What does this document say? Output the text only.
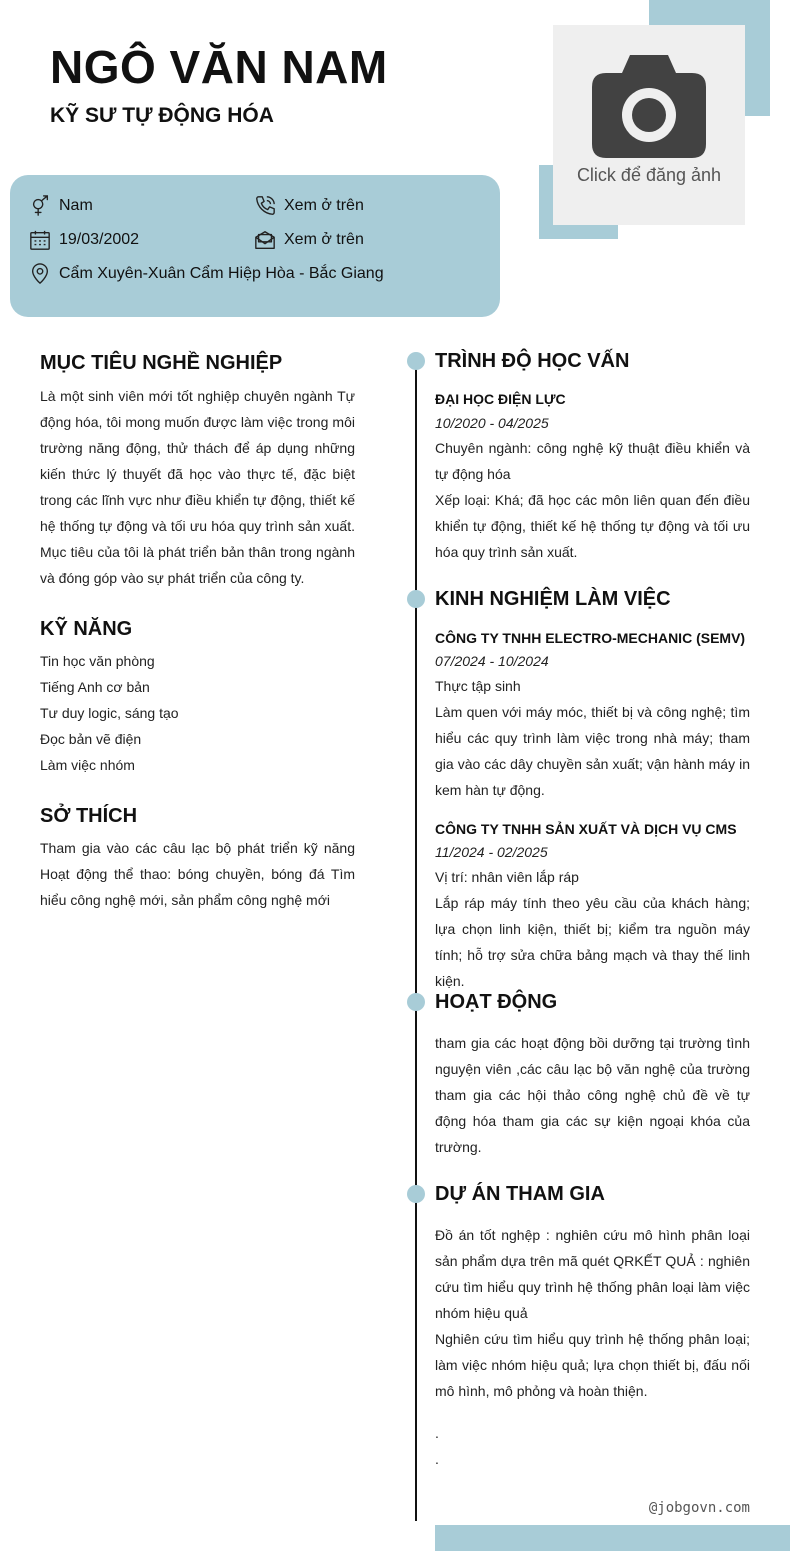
NGÔ VĂN NAM
KỸ SƯ TỰ ĐỘNG HÓA
Click để đăng ảnh
Nam	Xem ở trên
19/03/2002	Xem ở trên
Cẩm Xuyên-Xuân Cẩm Hiệp Hòa - Bắc Giang
MỤC TIÊU NGHỀ NGHIỆP
Là một sinh viên mới tốt nghiệp chuyên ngành Tự động hóa, tôi mong muốn được làm việc trong môi trường năng động, thử thách để áp dụng những kiến thức lý thuyết đã học vào thực tế, đặc biệt trong các lĩnh vực như điều khiển tự động, thiết kế hệ thống tự động và tối ưu hóa quy trình sản xuất. Mục tiêu của tôi là phát triển bản thân trong ngành và đóng góp vào sự phát triển của công ty.
KỸ NĂNG
Tin học văn phòng
Tiếng Anh cơ bản
Tư duy logic, sáng tạo
Đọc bản vẽ điện
Làm việc nhóm
SỞ THÍCH
Tham gia vào các câu lạc bộ phát triển kỹ năng Hoạt động thể thao: bóng chuyền, bóng đá Tìm hiểu công nghệ mới, sản phẩm công nghệ mới
TRÌNH ĐỘ HỌC VẤN
ĐẠI HỌC ĐIỆN LỰC
10/2020 - 04/2025
Chuyên ngành: công nghệ kỹ thuật điều khiển và tự động hóa
Xếp loại: Khá; đã học các môn liên quan đến điều khiển tự động, thiết kế hệ thống tự động và tối ưu hóa quy trình sản xuất.
KINH NGHIỆM LÀM VIỆC
CÔNG TY TNHH ELECTRO-MECHANIC (SEMV)
07/2024 - 10/2024
Thực tập sinh
Làm quen với máy móc, thiết bị và công nghệ; tìm hiểu các quy trình làm việc trong nhà máy; tham gia vào các dây chuyền sản xuất; vận hành máy in kem hàn tự động.
CÔNG TY TNHH SẢN XUẤT VÀ DỊCH VỤ CMS
11/2024 - 02/2025
Vị trí: nhân viên lắp ráp
Lắp ráp máy tính theo yêu cầu của khách hàng; lựa chọn linh kiện, thiết bị; kiểm tra nguồn máy tính; hỗ trợ sửa chữa bảng mạch và thay thế linh kiện.
HOẠT ĐỘNG
tham gia các hoạt động bồi dưỡng tại trường tình nguyện viên ,các câu lạc bộ văn nghệ của trường tham gia các hội thảo công nghệ chủ đề về tự động hóa tham gia các sự kiện ngoại khóa của trường.
DỰ ÁN THAM GIA
Đồ án tốt nghệp : nghiên cứu mô hình phân loại sản phẩm dựa trên mã quét QRKẾT QUẢ : nghiên cứu tìm hiểu quy trình hệ thống phân loại làm việc nhóm hiệu quả
Nghiên cứu tìm hiểu quy trình hệ thống phân loại; làm việc nhóm hiệu quả; lựa chọn thiết bị, đấu nối mô hình, mô phỏng và hoàn thiện.
.
.
@jobgovn.com
